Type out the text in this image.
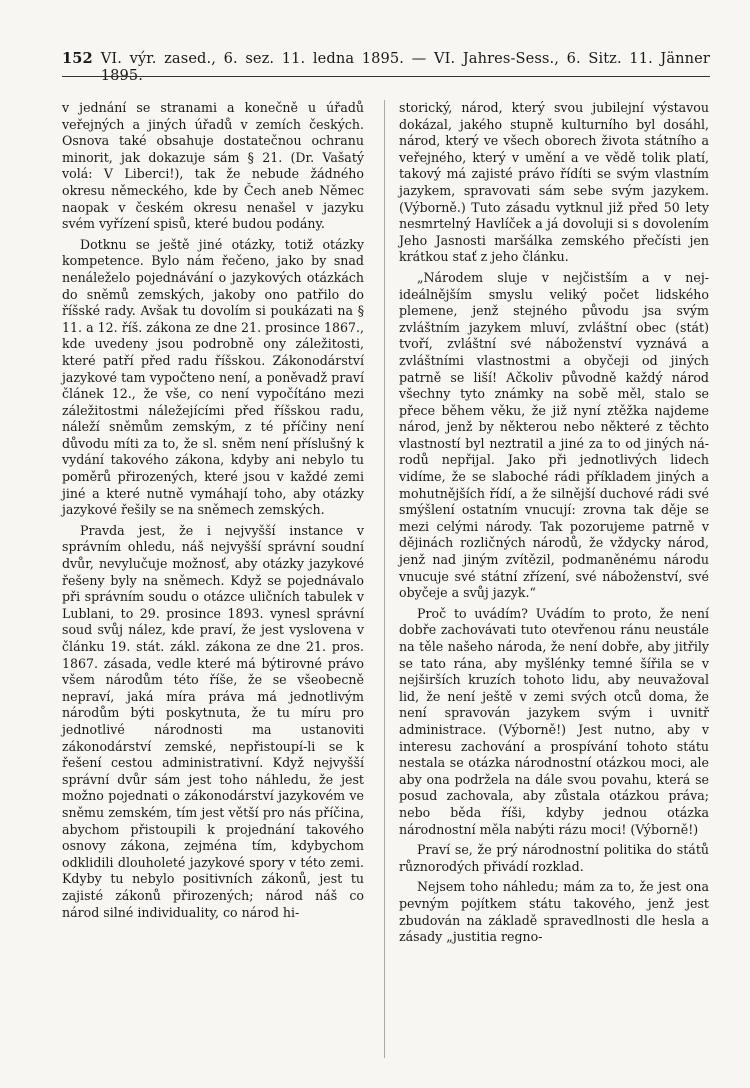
152 VI. výr. zased., 6. sez. 11. ledna 1895. — VI. Jahres-Sess., 6. Sitz. 11. Jänner 1895.

v jednání se stranami a konečně u úřadů veřejných a jiných úřadů v zemích českých. Osnova také obsahuje dostatečnou ochranu minorit, jak dokazuje sám § 21. (Dr. Vašatý volá: V Liberci!), tak že nebude žádného okresu německého, kde by Čech aneb Němec naopak v českém okresu nenašel v jazyku svém vyřízení spisů, které budou podány.

Dotknu se ještě jiné otázky, totiž otázky kompetence. Bylo nám řečeno, jako by snad nenáleželo pojednávání o jazykových otázkách do sněmů zemských, jakoby ono patřilo do říšské rady. Avšak tu dovolím si poukázati na § 11. a 12. říš. zákona ze dne 21. prosince 1867., kde uvedeny jsou podrobně ony záležitosti, které patří před radu říšskou. Zákonodárství jazykové tam vypočteno není, a poněvadž praví článek 12., že vše, co není vypočítáno mezi záležitostmi náležejícími před říšskou radu, náleží sněmům zemským, z té příčiny není důvodu míti za to, že sl. sněm není příslušný k vydání takového zákona, kdyby ani nebylo tu poměrů přirozených, které jsou v každé zemi jiné a které nutně vymáhají toho, aby otázky jazykové řešily se na sněmech zemských.

Pravda jest, že i nejvyšší instance v správním ohledu, náš nejvyšší správní soudní dvůr, nevylučuje možnosť, aby otázky jazykové řešeny byly na sněmech. Když se pojednávalo při správním soudu o otázce uličních tabulek v Lublani, to 29. prosince 1893. vynesl správní soud svůj nález, kde praví, že jest vyslovena v článku 19. stát. zákl. zákona ze dne 21. pros. 1867. zásada, vedle které má býtirovné právo všem národům této říše, že se všeobecně nepraví, jaká míra práva má jednotlivým národům býti poskytnuta, že tu míru pro jednotlivé národnosti ma ustanoviti zákonodárství zemské, nepřistoupí-li se k řešení cestou administrativní. Když nejvyšší správní dvůr sám jest toho náhledu, že jest možno pojednati o zákonodárství jazykovém ve sněmu zemském, tím jest větší pro nás příčina, abychom přistoupili k projednání takového osnovy zákona, zejména tím, kdybychom odklidili dlouholeté jazykové spory v této zemi. Kdyby tu nebylo positivních zákonů, jest tu zajisté zákonů přirozených; národ náš co národ silné individuality, co národ hi-

storický, národ, který svou jubilejní výstavou dokázal, jakého stupně kulturního byl dosáhl, národ, který ve všech oborech života státního a veřejného, který v umění a ve vědě tolik platí, takový má zajisté právo řídíti se svým vlastním jazykem, spravovati sám sebe svým jazykem. (Výborně.) Tuto zásadu vytknul již před 50 lety nesmrtelný Havlíček a já dovoluji si s dovolením Jeho Jasnosti maršálka zemského přečísti jen krátkou stať z jeho článku.

„Národem sluje v nejčistším a v nejideálnějším smyslu veliký počet lidského plemene, jenž stejného původu jsa svým zvláštním jazykem mluví, zvláštní obec (stát) tvoří, zvláštní své náboženství vyznává a zvláštními vlastnostmi a obyčeji od jiných patrně se liší! Ačkoliv původně každý národ všechny tyto známky na sobě měl, stalo se přece během věku, že již nyní ztěžka najdeme národ, jenž by některou nebo některé z těchto vlastností byl neztratil a jiné za to od jiných národů nepřijal. Jako při jednotlivých lidech vidíme, že se slaboché rádi příkladem jiných a mohutnějších řídí, a že silnější duchové rádi své smýšlení ostatním vnucují: zrovna tak děje se mezi celými národy. Tak pozorujeme patrně v dějinách rozličných národů, že vždycky národ, jenž nad jiným zvítězil, podmaněnému národu vnucuje své státní zřízení, své náboženství, své obyčeje a svůj jazyk.“

Proč to uvádím? Uvádím to proto, že není dobře zachovávati tuto otevřenou ránu neustále na těle našeho národa, že není dobře, aby jitřily se tato rána, aby myšlénky temné šířila se v nejširších kruzích tohoto lidu, aby neuvažoval lid, že není ještě v zemi svých otců doma, že není spravován jazykem svým i uvnitř administrace. (Výborně!) Jest nutno, aby v interesu zachování a prospívání tohoto státu nestala se otázka národnostní otázkou moci, ale aby ona podržela na dále svou povahu, která se posud zachovala, aby zůstala otázkou práva; nebo běda říši, kdyby jednou otázka národnostní měla nabýti rázu moci! (Výborně!)

Praví se, že prý národnostní politika do států různorodých přivádí rozklad.

Nejsem toho náhledu; mám za to, že jest ona pevným pojítkem státu takového, jenž jest zbudován na základě spravedlnosti dle hesla a zásady „justitia regno-
